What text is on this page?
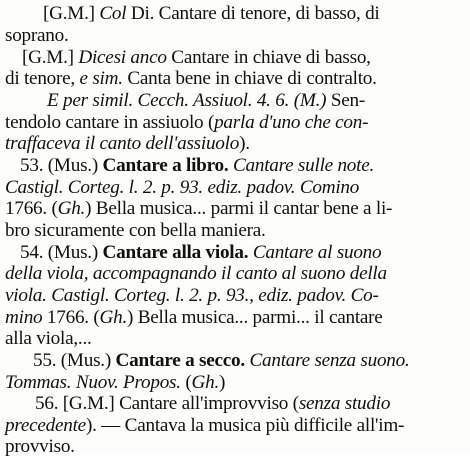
[G.M.] Col Di. Cantare di tenore, di basso, di
soprano.
[G.M.] Dicesi anco Cantare in chiave di basso,
di tenore, e sim. Canta bene in chiave di contralto.
E per simil. Cecch. Assiuol. 4. 6. (M.) Sen-
tendolo cantare in assiuolo (parla d'uno che con-
traffaceva il canto dell'assiuolo).
53. (Mus.) Cantare a libro. Cantare sulle note.
Castigl. Corteg. l. 2. p. 93. ediz. padov. Comino
1766. (Gh.) Bella musica... parmi il cantar bene a li-
bro sicuramente con bella maniera.
54. (Mus.) Cantare alla viola. Cantare al suono
della viola, accompagnando il canto al suono della
viola. Castigl. Corteg. l. 2. p. 93., ediz. padov. Co-
mino 1766. (Gh.) Bella musica... parmi... il cantare
alla viola,...
55. (Mus.) Cantare a secco. Cantare senza suono.
Tommas. Nuov. Propos. (Gh.)
56. [G.M.] Cantare all'improvviso (senza studio
precedente). — Cantava la musica più difficile all'im-
provviso.
